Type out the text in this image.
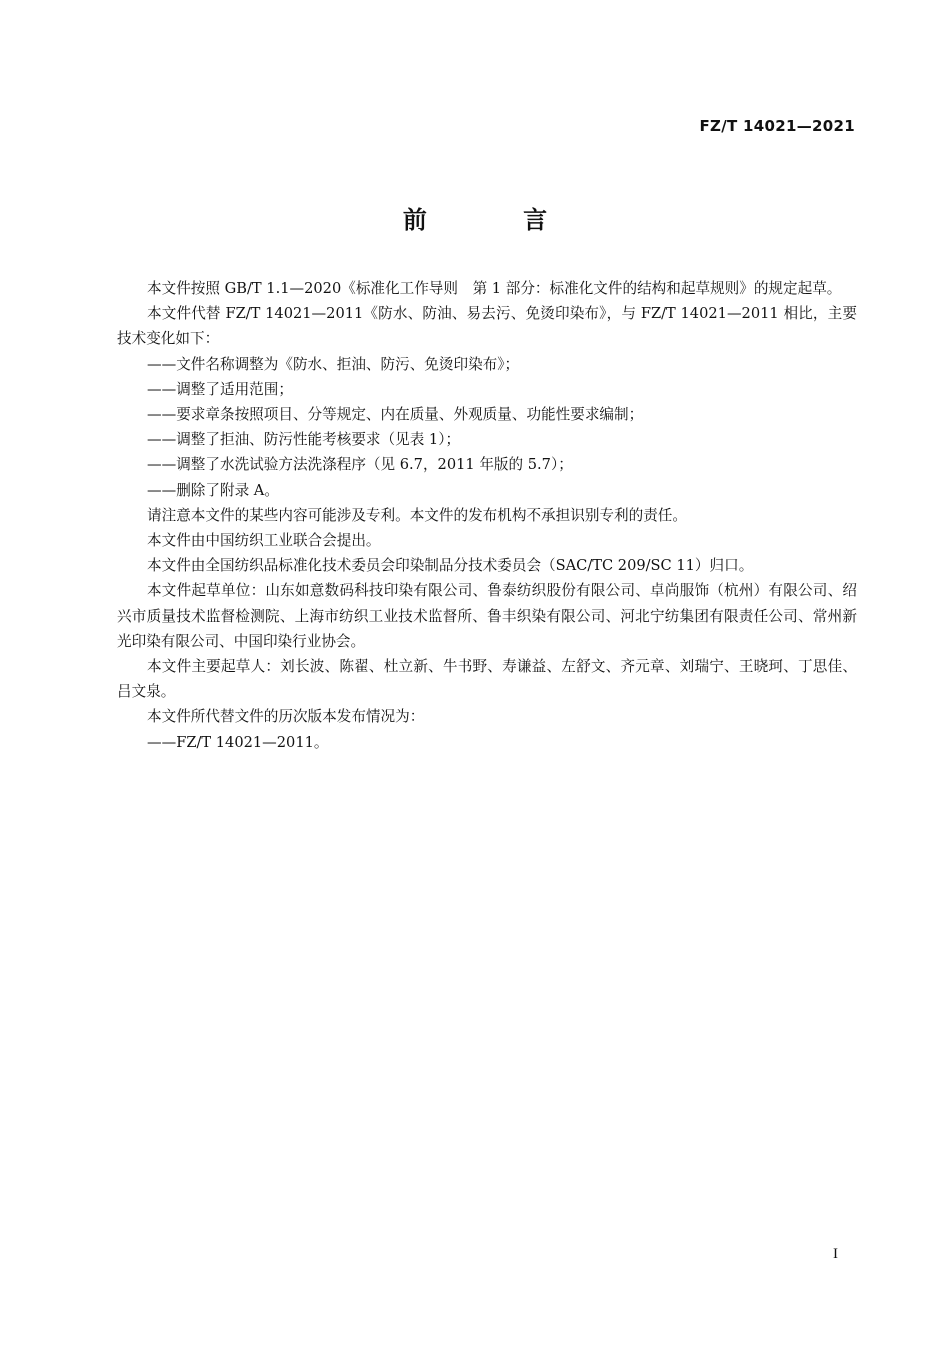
FZ/T 14021—2021
前 言

本文件按照 GB/T 1.1—2020《标准化工作导则　第 1 部分：标准化文件的结构和起草规则》的规定起草。

本文件代替 FZ/T 14021—2011《防水、防油、易去污、免烫印染布》，与 FZ/T 14021—2011 相比，主要技术变化如下：

——文件名称调整为《防水、拒油、防污、免烫印染布》；

——调整了适用范围；

——要求章条按照项目、分等规定、内在质量、外观质量、功能性要求编制；

——调整了拒油、防污性能考核要求（见表 1）；

——调整了水洗试验方法洗涤程序（见 6.7，2011 年版的 5.7）；

——删除了附录 A。

请注意本文件的某些内容可能涉及专利。本文件的发布机构不承担识别专利的责任。

本文件由中国纺织工业联合会提出。

本文件由全国纺织品标准化技术委员会印染制品分技术委员会（SAC/TC 209/SC 11）归口。

本文件起草单位：山东如意数码科技印染有限公司、鲁泰纺织股份有限公司、卓尚服饰（杭州）有限公司、绍兴市质量技术监督检测院、上海市纺织工业技术监督所、鲁丰织染有限公司、河北宁纺集团有限责任公司、常州新光印染有限公司、中国印染行业协会。

本文件主要起草人：刘长波、陈翟、杜立新、牛书野、寿谦益、左舒文、齐元章、刘瑞宁、王晓珂、丁思佳、吕文泉。

本文件所代替文件的历次版本发布情况为：

——FZ/T 14021—2011。

I
